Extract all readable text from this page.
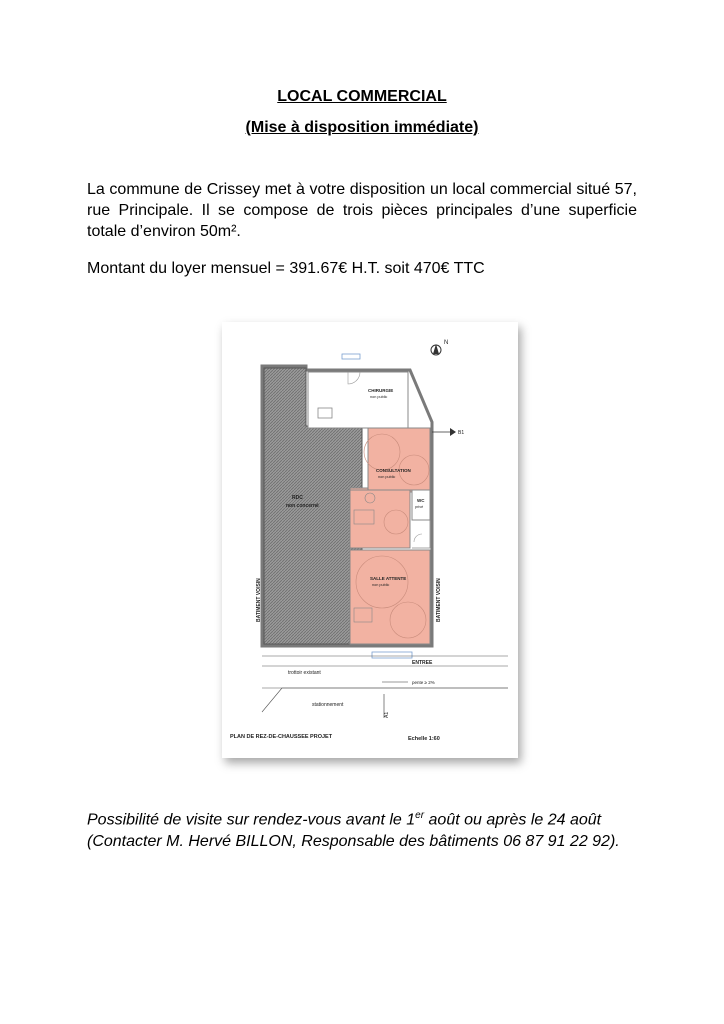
LOCAL COMMERCIAL
(Mise à disposition immédiate)

La commune de Crissey met à votre disposition un local commercial situé 57, rue Principale. Il se compose de trois pièces principales d’une superficie totale d’environ 50m².

Montant du loyer mensuel = 391.67€ H.T. soit 470€ TTC

N
RDC
non concerné
CHIRURGIE
non public
CONSULTATION
non public
WC
privé
SALLE ATTENTE
non public
BATIMENT VOISIN	BATIMENT VOISIN
B1
ENTREE
trottoir existant
pente ≥ 2%
stationnement
A1
PLAN DE REZ-DE-CHAUSSEE PROJET	Echelle 1:60

Possibilité de visite sur rendez-vous avant le 1er août ou après le 24 août (Contacter M. Hervé BILLON, Responsable des bâtiments 06 87 91 22 92).
